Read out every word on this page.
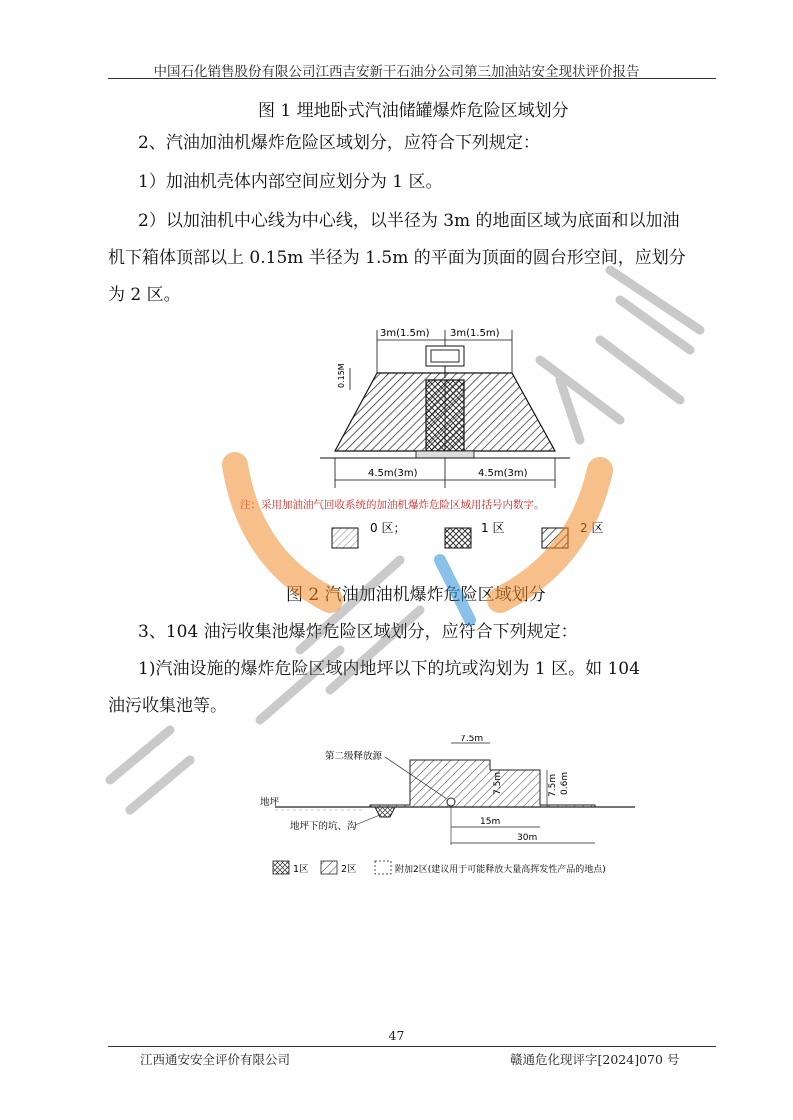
中国石化销售股份有限公司江西吉安新干石油分公司第三加油站安全现状评价报告
图 1 埋地卧式汽油储罐爆炸危险区域划分
2、汽油加油机爆炸危险区域划分，应符合下列规定：
1）加油机壳体内部空间应划分为 1 区。
2）以加油机中心线为中心线，以半径为 3m 的地面区域为底面和以加油
机下箱体顶部以上 0.15m 半径为 1.5m 的平面为顶面的圆台形空间，应划分
为 2 区。
3m(1.5m) 3m(1.5m)
0.15M
4.5m(3m)	4.5m(3m)
注：采用加油油气回收系统的加油机爆炸危险区域用括号内数字。
0 区；	1 区	2 区
图 2 汽油加油机爆炸危险区域划分
3、104 油污收集池爆炸危险区域划分，应符合下列规定：
1)汽油设施的爆炸危险区域内地坪以下的坑或沟划为 1 区。如 104
油污收集池等。
第二级释放源
地坪
地坪下的坑、沟
7.5m
7.5m	7.5m 0.6m
15m
30m
1区	2区	附加2区(建议用于可能释放大量高挥发性产品的地点)
47
江西通安安全评价有限公司	赣通危化现评字[2024]070 号
